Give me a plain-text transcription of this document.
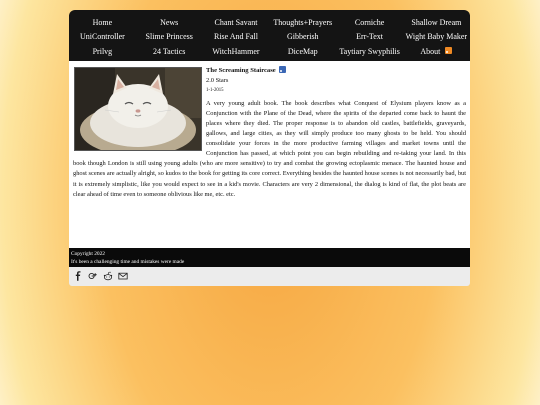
Home	News	Chant Savant	Thoughts+Prayers	Corniche	Shallow Dream
UniController	Slime Princess	Rise And Fall	Gibberish	Err-Text	Wight Baby Maker
Prilvg	24 Tactics	WitchHammer	DiceMap	Taytiary Swyphilis	About
The Screaming Staircase
2.0 Stars
1-1-2015
A very young adult book. The book describes what Conquest of Elysium players know as a Conjunction with the Plane of the Dead, where the spirits of the departed come back to haunt the places where they died. The proper response is to abandon old castles, battlefields, graveyards, gallows, and large cities, as they will simply produce too many ghosts to be held. You should consolidate your forces in the more productive farming villages and market towns until the Conjunction has passed, at which point you can begin rebuilding and re-taking your land. In this book though London is still using young adults (who are more sensitive) to try and combat the growing ectoplasmic menace. The haunted house and ghost scenes are actually alright, so kudos to the book for getting its core correct. Everything besides the haunted house scenes is not necessarily bad, but it is extremely simplistic, like you would expect to see in a kid's movie. Characters are very 2 dimensional, the dialog is kind of flat, the plot beats are clear ahead of time even to someone oblivious like me, etc. etc.
Copyright 2022
It's been a challenging time and mistakes were made
